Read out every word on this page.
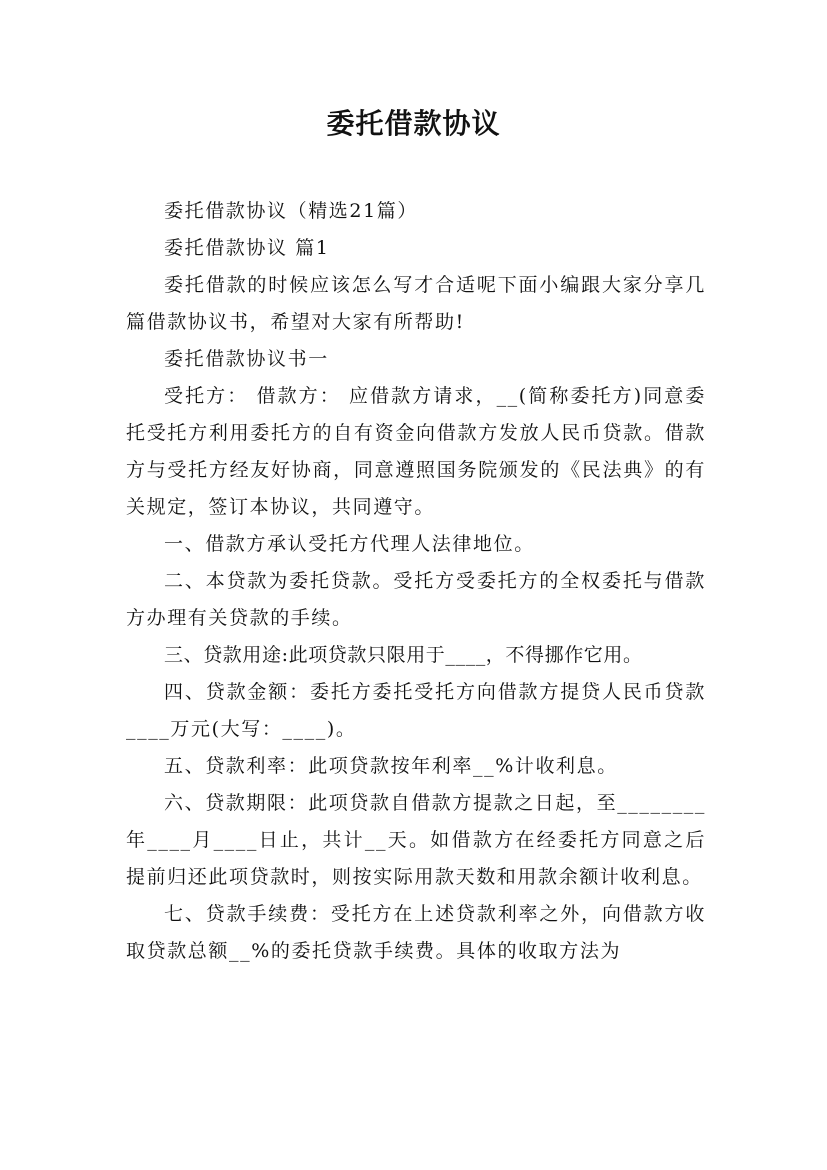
委托借款协议

委托借款协议（精选21篇）

委托借款协议 篇1

委托借款的时候应该怎么写才合适呢下面小编跟大家分享几篇借款协议书，希望对大家有所帮助!

委托借款协议书一

受托方： 借款方： 应借款方请求，__(简称委托方)同意委托受托方利用委托方的自有资金向借款方发放人民币贷款。借款方与受托方经友好协商，同意遵照国务院颁发的《民法典》的有关规定，签订本协议，共同遵守。

一、借款方承认受托方代理人法律地位。

二、本贷款为委托贷款。受托方受委托方的全权委托与借款方办理有关贷款的手续。

三、贷款用途:此项贷款只限用于____，不得挪作它用。

四、贷款金额：委托方委托受托方向借款方提贷人民币贷款____万元(大写：____)。

五、贷款利率：此项贷款按年利率__%计收利息。

六、贷款期限：此项贷款自借款方提款之日起，至________年____月____日止，共计__天。如借款方在经委托方同意之后提前归还此项贷款时，则按实际用款天数和用款余额计收利息。

七、贷款手续费：受托方在上述贷款利率之外，向借款方收取贷款总额__%的委托贷款手续费。具体的收取方法为
